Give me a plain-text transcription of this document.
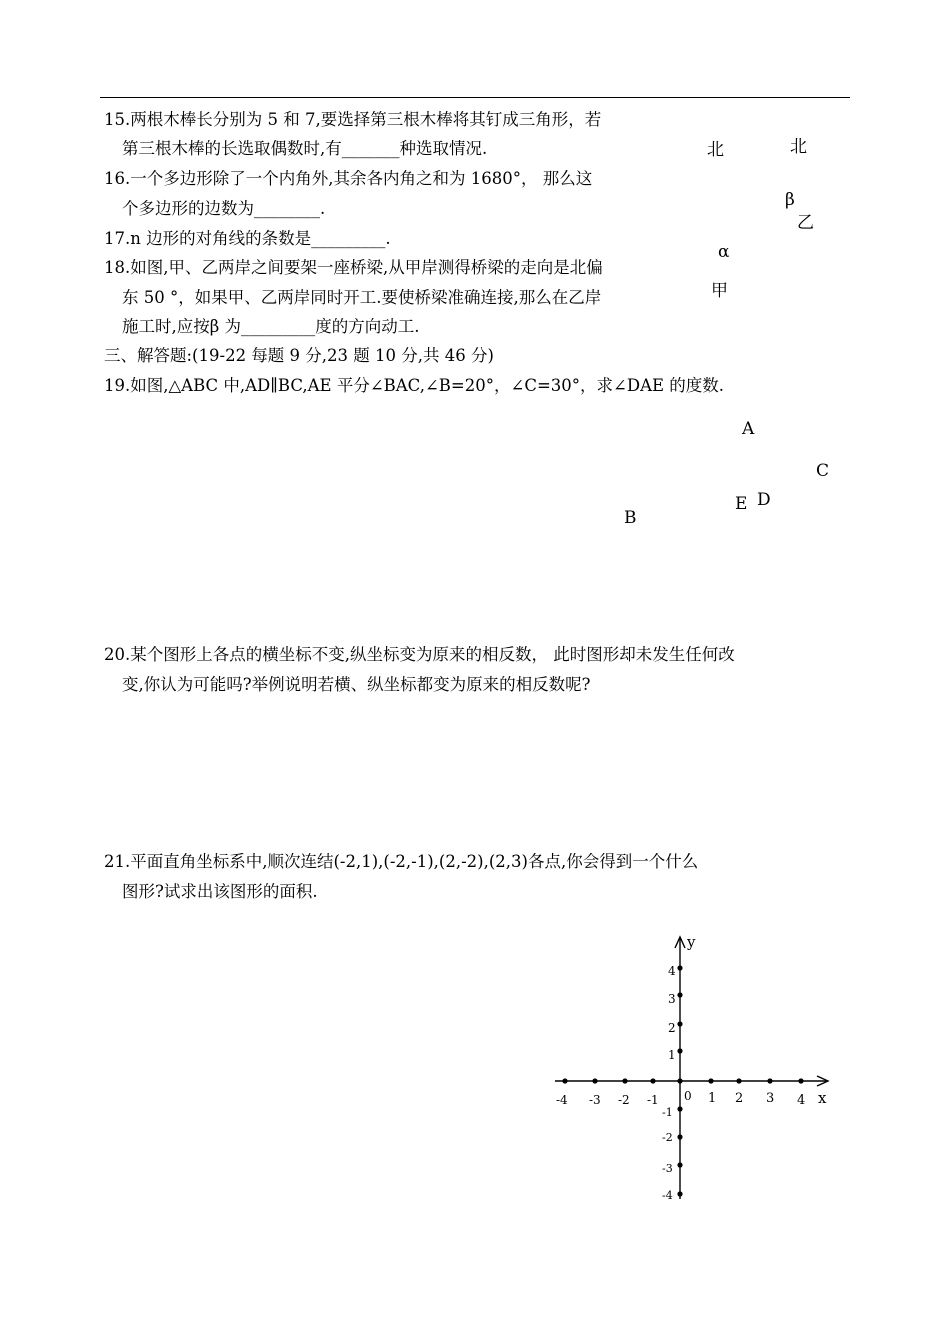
15.两根木棒长分别为 5 和 7,要选择第三根木棒将其钉成三角形，若
第三根木棒的长选取偶数时,有_______种选取情况.
16.一个多边形除了一个内角外,其余各内角之和为 1680°， 那么这
个多边形的边数为________.
17.n 边形的对角线的条数是_________.
18.如图,甲、乙两岸之间要架一座桥梁,从甲岸测得桥梁的走向是北偏
东 50 °，如果甲、乙两岸同时开工.要使桥梁准确连接,那么在乙岸
施工时,应按β 为_________度的方向动工.
北	北
β
乙
α
甲
三、解答题:(19-22 每题 9 分,23 题 10 分,共 46 分)
19.如图,△ABC 中,AD∥BC,AE 平分∠BAC,∠B=20°，∠C=30°，求∠DAE 的度数.
A
C
E D
B
20.某个图形上各点的横坐标不变,纵坐标变为原来的相反数， 此时图形却未发生任何改
变,你认为可能吗?举例说明若横、纵坐标都变为原来的相反数呢?
21.平面直角坐标系中,顺次连结(-2,1),(-2,-1),(2,-2),(2,3)各点,你会得到一个什么
图形?试求出该图形的面积.
y
x
0
-4 -3 -2 -1	1 2 3 4
4
3
2
1
-1
-2
-3
-4
